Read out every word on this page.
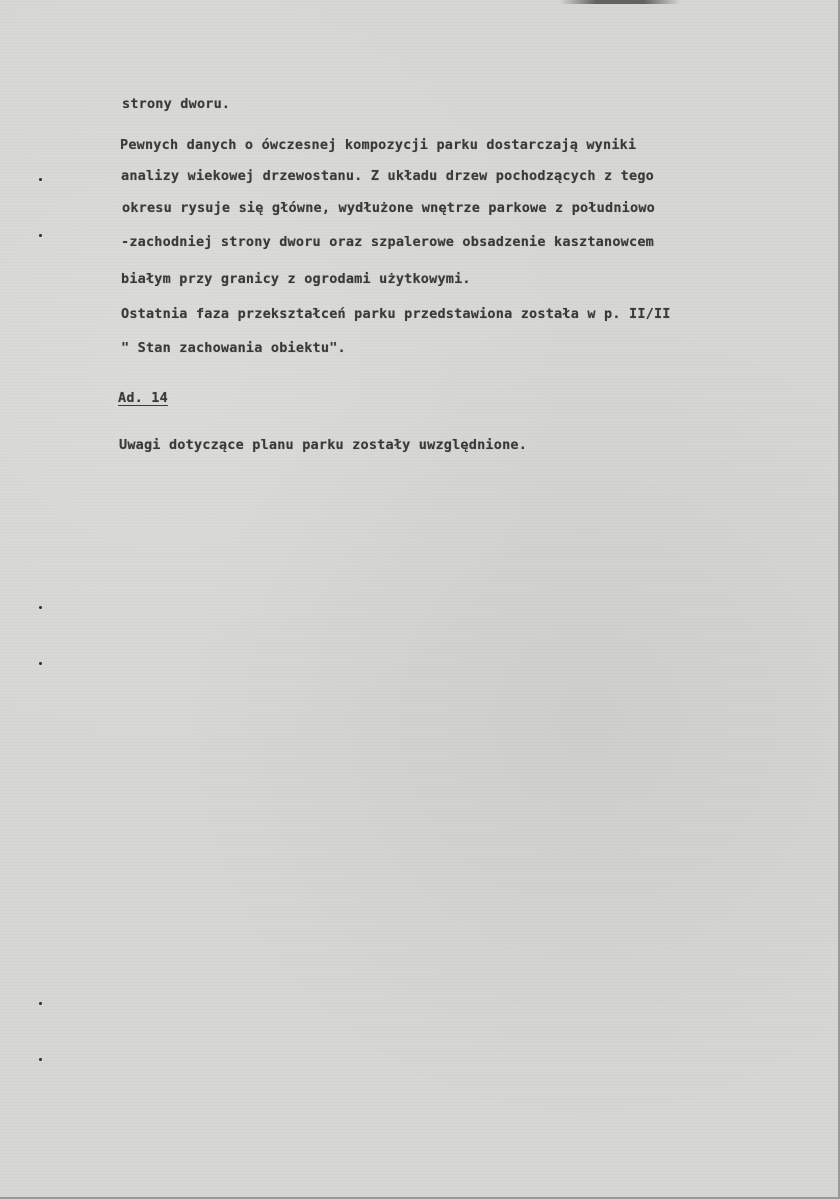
strony dworu.
Pewnych danych o ówczesnej kompozycji parku dostarczają wyniki
analizy wiekowej drzewostanu. Z układu drzew pochodzących z tego
okresu rysuje się główne, wydłużone wnętrze parkowe z południowo
-zachodniej strony dworu oraz szpalerowe obsadzenie kasztanowcem
białym przy granicy z ogrodami użytkowymi.
Ostatnia faza przekształceń parku przedstawiona została w p. II/II
" Stan zachowania obiektu".
Ad. 14
Uwagi dotyczące planu parku zostały uwzględnione.
